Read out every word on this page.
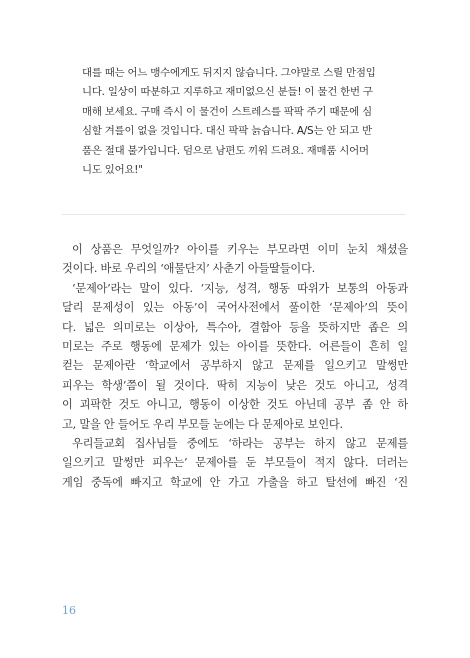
대를 때는 어느 맹수에게도 뒤지지 않습니다. 그야말로 스릴 만점입
니다. 일상이 따분하고 지루하고 재미없으신 분들! 이 물건 한번 구
매해 보세요. 구매 즉시 이 물건이 스트레스를 팍팍 주기 때문에 심
심할 겨를이 없을 것입니다. 대신 팍팍 늙습니다. A/S는 안 되고 반
품은 절대 불가입니다. 덤으로 남편도 끼워 드려요. 재매품 시어머
니도 있어요!"
이 상품은 무엇일까? 아이를 키우는 부모라면 이미 눈치 채셨을
것이다. 바로 우리의 ‘애물단지’ 사춘기 아들딸들이다.
‘문제아’라는 말이 있다. ‘지능, 성격, 행동 따위가 보통의 아동과
달리 문제성이 있는 아동’이 국어사전에서 풀이한 ‘문제아’의 뜻이
다. 넓은 의미로는 이상아, 특수아, 결함아 등을 뜻하지만 좁은 의
미로는 주로 행동에 문제가 있는 아이를 뜻한다. 어른들이 흔히 일
컫는 문제아란 ‘학교에서 공부하지 않고 문제를 일으키고 말썽만
피우는 학생’쯤이 될 것이다. 딱히 지능이 낮은 것도 아니고, 성격
이 괴팍한 것도 아니고, 행동이 이상한 것도 아닌데 공부 좀 안 하
고, 말을 안 들어도 우리 부모들 눈에는 다 문제아로 보인다.
우리들교회 집사님들 중에도 ‘하라는 공부는 하지 않고 문제를
일으키고 말썽만 피우는’ 문제아를 둔 부모들이 적지 않다. 더러는
게임 중독에 빠지고 학교에 안 가고 가출을 하고 탈선에 빠진 ‘진
16
